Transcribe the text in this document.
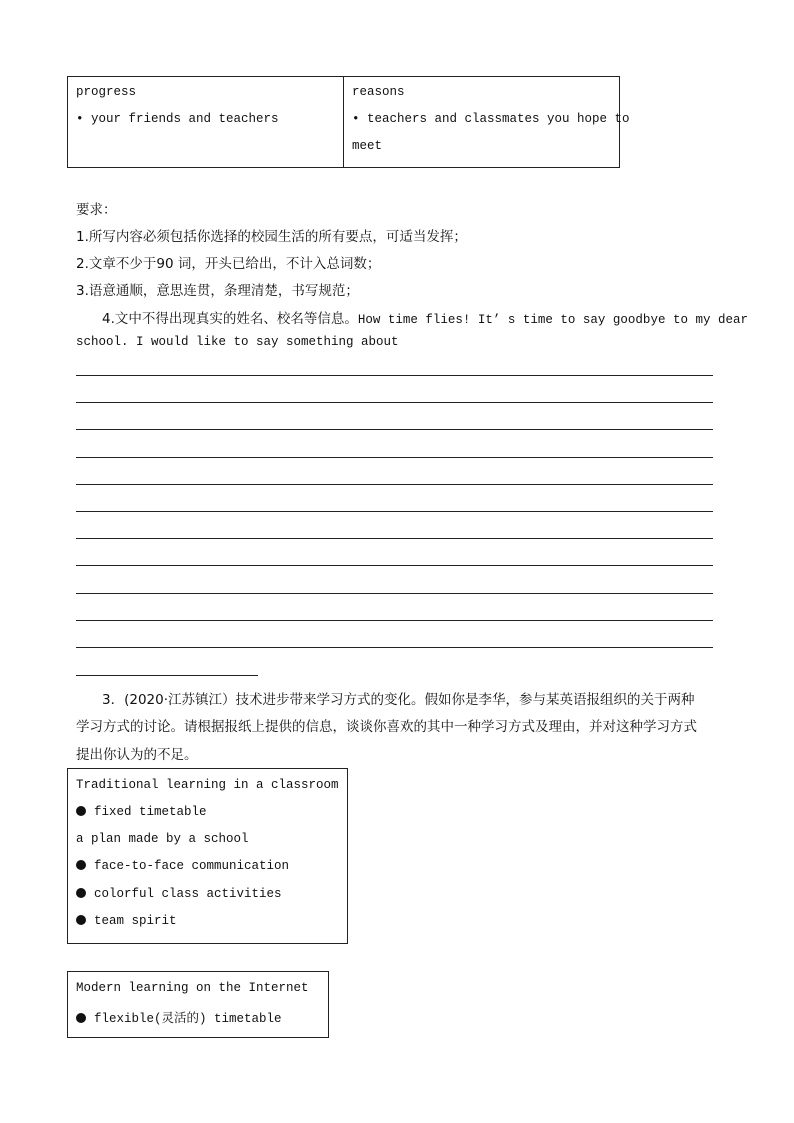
progress
• your friends and teachers
reasons
• teachers and classmates you hope to
meet
要求：
1.所写内容必须包括你选择的校园生活的所有要点，可适当发挥；
2.文章不少于90 词，开头已给出，不计入总词数；
3.语意通顺，意思连贯，条理清楚，书写规范；
4.文中不得出现真实的姓名、校名等信息。How time flies! It’ s time to say goodbye to my dear
school. I would like to say something about
3．(2020·江苏镇江）技术进步带来学习方式的变化。假如你是李华，参与某英语报组织的关于两种
学习方式的讨论。请根据报纸上提供的信息，谈谈你喜欢的其中一种学习方式及理由，并对这种学习方式
提出你认为的不足。
Traditional learning in a classroom
fixed timetable
a plan made by a school
face-to-face communication
colorful class activities
team spirit
Modern learning on the Internet
flexible(灵活的) timetable
